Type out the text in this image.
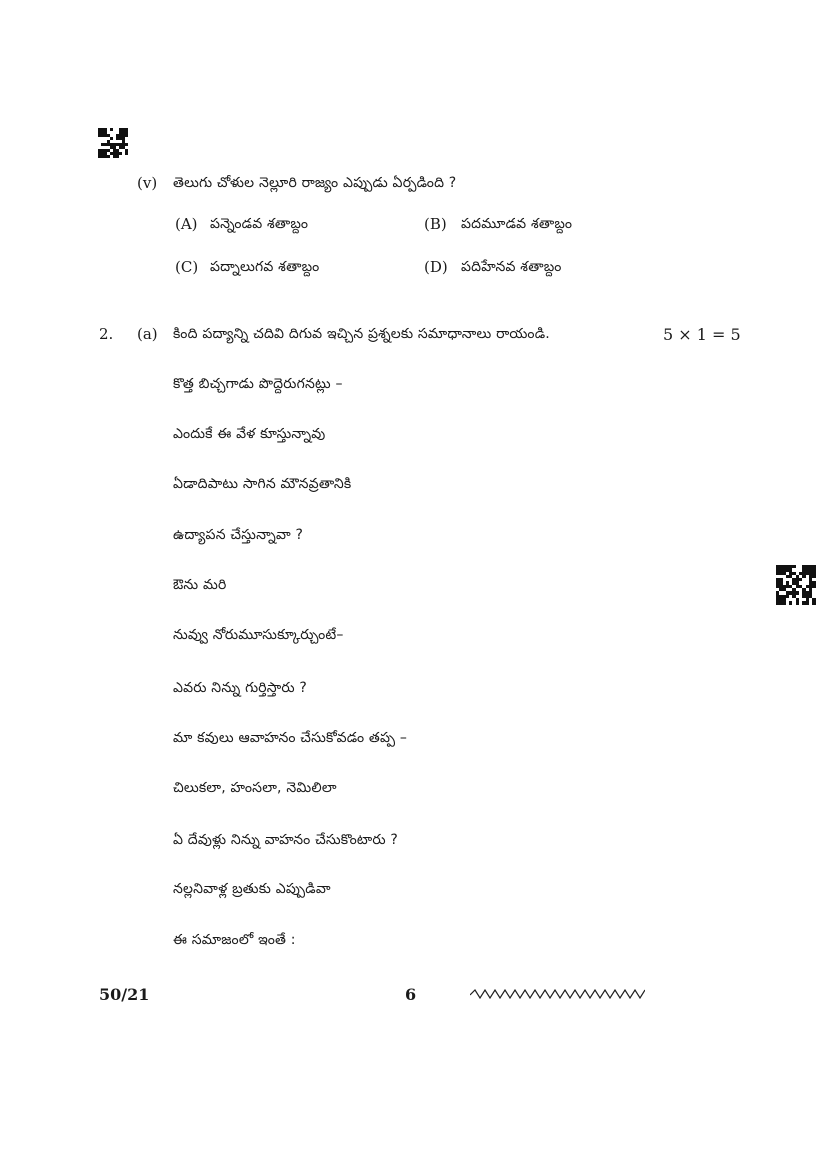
(v) తెలుగు చోళుల నెల్లూరి రాజ్యం ఎప్పుడు ఏర్పడింది ?
(A) పన్నెండవ శతాబ్దం	(B) పదమూడవ శతాబ్దం
(C) పద్నాలుగవ శతాబ్దం	(D) పదిహేనవ శతాబ్దం
2. (a) కింది పద్యాన్ని చదివి దిగువ ఇచ్చిన ప్రశ్నలకు సమాధానాలు రాయండి.	5 × 1 = 5
కొత్త బిచ్చగాడు పొద్దెరుగనట్లు –
ఎందుకే ఈ వేళ కూస్తున్నావు
ఏడాదిపాటు సాగిన మౌనవ్రతానికి
ఉద్యాపన చేస్తున్నావా ?
ఔను మరి
నువ్వు నోరుమూసుక్కూర్చుంటే–
ఎవరు నిన్ను గుర్తిస్తారు ?
మా కవులు ఆవాహనం చేసుకోవడం తప్ప –
చిలుకలా, హంసలా, నెమిలిలా
ఏ దేవుళ్లు నిన్ను వాహనం చేసుకొంటారు ?
నల్లనివాళ్ల బ్రతుకు ఎప్పుడివా
ఈ సమాజంలో ఇంతే :
50/21	6
